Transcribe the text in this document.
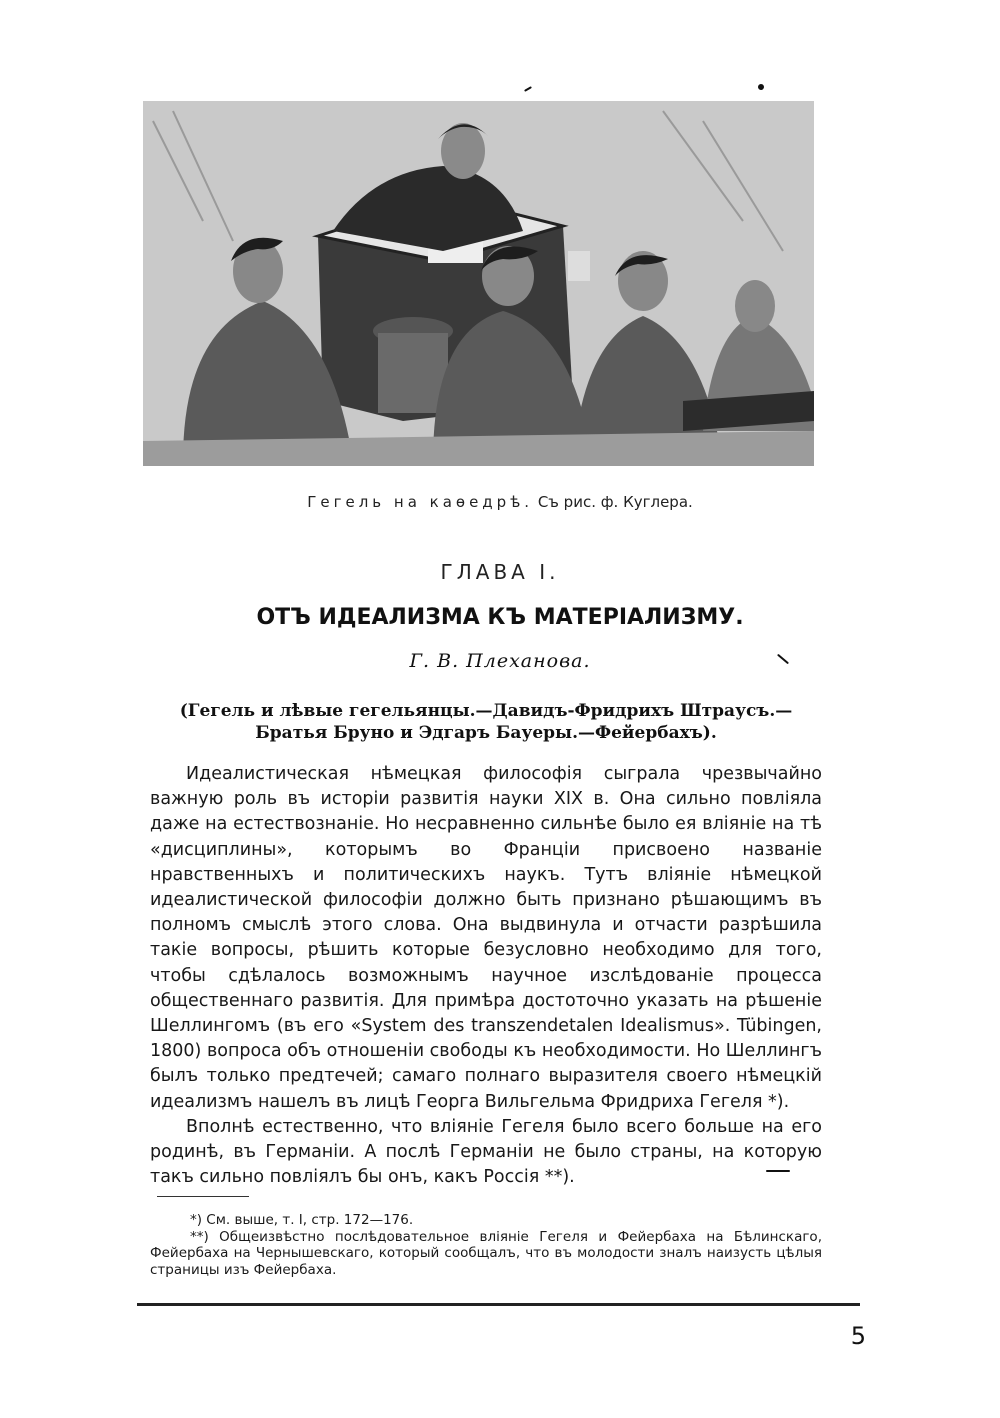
Гегель на каѳедрѣ. Съ рис. ф. Куглера.
ГЛАВА I.
ОТЪ ИДЕАЛИЗМА КЪ МАТЕРІАЛИЗМУ.
Г. В. Плеханова.
(Гегель и лѣвые гегельянцы.—Давидъ-Фридрихъ Штраусъ.—Братья Бруно и Эдгаръ Бауеры.—Фейербахъ).

Идеалистическая нѣмецкая философія сыграла чрезвычайно важную роль въ исторіи развитія науки XIX в. Она сильно повліяла даже на естествознаніе. Но несравненно сильнѣе было ея вліяніе на тѣ «дисциплины», которымъ во Франціи присвоено названіе нравственныхъ и политическихъ наукъ. Тутъ вліяніе нѣмецкой идеалистической философіи должно быть признано рѣшающимъ въ полномъ смыслѣ этого слова. Она выдвинула и отчасти разрѣшила такіе вопросы, рѣшить которые безусловно необходимо для того, чтобы сдѣлалось возможнымъ научное изслѣдованіе процесса общественнаго развитія. Для примѣра достоточно указать на рѣшеніе Шеллингомъ (въ его «System des transzendetalen Idealismus». Tübingen, 1800) вопроса объ отношеніи свободы къ необходимости. Но Шеллингъ былъ только предтечей; самаго полнаго выразителя своего нѣмецкій идеализмъ нашелъ въ лицѣ Георга Вильгельма Фридриха Гегеля *).

Вполнѣ естественно, что вліяніе Гегеля было всего больше на его родинѣ, въ Германіи. А послѣ Германіи не было страны, на которую такъ сильно повліялъ бы онъ, какъ Россія **).

*) См. выше, т. I, стр. 172—176.

**) Общеизвѣстно послѣдовательное вліяніе Гегеля и Фейербаха на Бѣлинскаго, Фейербаха на Чернышевскаго, который сообщалъ, что въ молодости зналъ наизусть цѣлыя страницы изъ Фейербаха.

5
